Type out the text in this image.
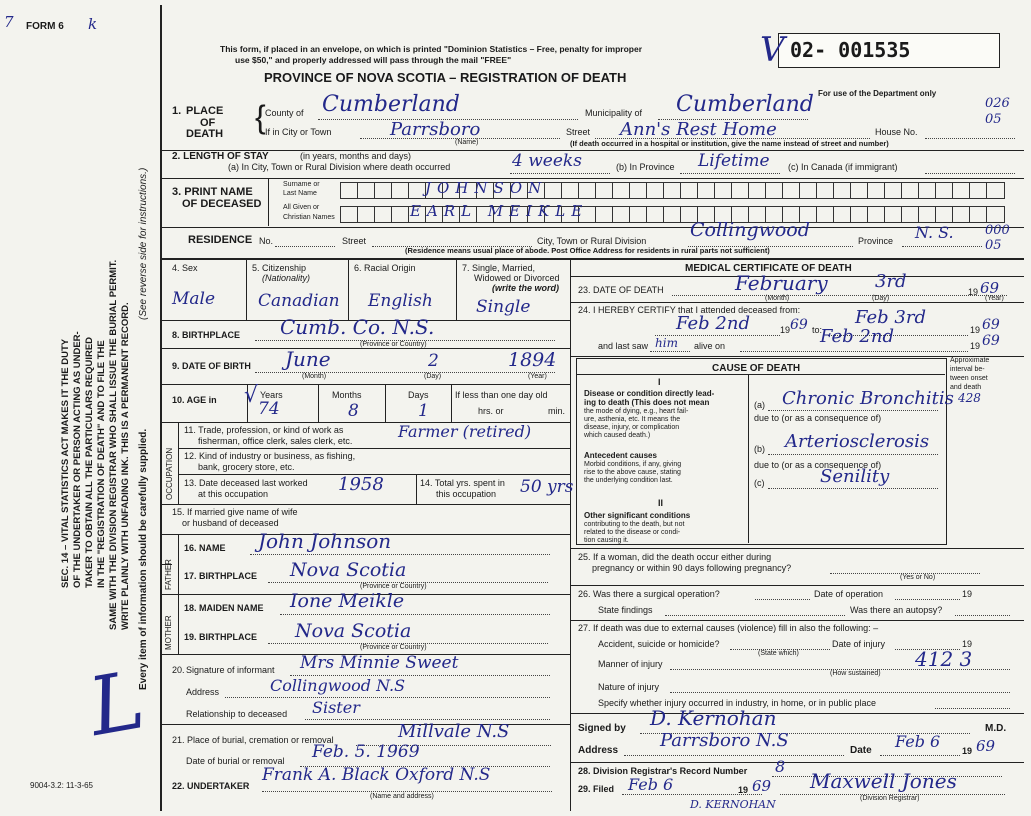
7 FORM 6 k
9004-3.2: 11-3-65
L
SEC. 14 – VITAL STATISTICS ACT MAKES IT THE DUTY OF THE UNDERTAKER OR PERSON ACTING AS UNDER- TAKER TO OBTAIN ALL THE PARTICULARS REQUIRED IN THE "REGISTRATION OF DEATH" AND TO FILE THE SAME WITH THE DIVISION REGISTRAR WHO SHALL ISSUE THE BURIAL PERMIT. WRITE PLAINLY WITH UNFADING INK. THIS IS A PERMANENT RECORD.
(See reverse side for instructions.)
Every item of information should be carefully supplied.
This form, if placed in an envelope, on which is printed "Dominion Statistics – Free, penalty for improper
use $50," and properly addressed will pass through the mail "FREE"
PROVINCE OF NOVA SCOTIA – REGISTRATION OF DEATH
V 02- 001535
For use of the Department only
026
1. PLACE
OF
DEATH { County of Cumberland	Municipality of Cumberland
If in City or Town	Parrsboro
(Name)
Street Ann's Rest Home	House No.
05
(If death occurred in a hospital or institution, give the name instead of street and number)
2. LENGTH OF STAY	(in years, months and days)
(a) In City, Town or Rural Division where death occurred	4 weeks	(b) In Province Lifetime (c) In Canada (if immigrant)
3. PRINT NAME
OF DECEASED
Surname or
Last Name	JOHNSON
All Given or
Christian Names	EARL MEIKLE
RESIDENCE No.	Street	City, Town or Rural Division Collingwood	Province N. S. 000
05
(Residence means usual place of abode. Post Office Address for residents in rural parts not sufficient)
4. Sex
Male
5. Citizenship
(Nationality)
Canadian
6. Racial Origin
English
7. Single, Married,
Widowed or Divorced
(write the word)
Single
8. BIRTHPLACE Cumb. Co. N.S.
(Province or Country)
9. DATE OF BIRTH June	2	1894
(Month)	(Day)	(Year)
10. AGE in √ Years
74
Months
8
Days
1
If less than one day old
hrs. or	min.
OCCUPATION
11. Trade, profession, or kind of work as
fisherman, office clerk, sales clerk, etc.	Farmer (retired)
12. Kind of industry or business, as fishing,
bank, grocery store, etc.
13. Date deceased last worked
at this occupation	1958	14. Total yrs. spent in
this occupation 50 yrs
15. If married give name of wife
or husband of deceased
FATHER
MOTHER
16. NAME John Johnson
17. BIRTHPLACE Nova Scotia
(Province or Country)
18. MAIDEN NAME Ione Meikle
19. BIRTHPLACE Nova Scotia
(Province or Country)
20. Signature of informant Mrs Minnie Sweet
Address	Collingwood N.S
Relationship to deceased Sister
21. Place of burial, cremation or removal	Millvale N.S
Date of burial or removal Feb. 5. 1969
22. UNDERTAKER
Frank A. Black Oxford N.S
(Name and address)
MEDICAL CERTIFICATE OF DEATH
23. DATE OF DEATH	February	3rd	19 69
(Month)	(Day)	(Year)
24. I HEREBY CERTIFY that I attended deceased from:
Feb 2nd	19 69 to:
Feb 3rd
19 69
and last saw him alive on	Feb 2nd	19 69
CAUSE OF DEATH
Approximate
interval be-
tween onset
and death
I
Disease or condition directly lead-
ing to death (This does not mean
the mode of dying, e.g., heart fail-
ure, asthenia, etc. It means the
disease, injury, or complication
which caused death.)
(a) Chronic Bronchitis 428
due to (or as a consequence of)
Antecedent causes
Morbid conditions, if any, giving
rise to the above cause, stating
the underlying condition last.
(b) Arteriosclerosis
due to (or as a consequence of)
(c)	Senility
II
Other significant conditions
contributing to the death, but not
related to the disease or condi-
tion causing it.
25. If a woman, did the death occur either during
pregnancy or within 90 days following pregnancy?
(Yes or No)
26. Was there a surgical operation?	Date of operation	19
State findings	Was there an autopsy?
27. If death was due to external causes (violence) fill in also the following: –
Accident, suicide or homicide?
(State which)
Date of injury	19
Manner of injury	412 3
(How sustained)
Nature of injury
Specify whether injury occurred in industry, in home, or in public place
Signed by D. Kernohan	M.D.
Address Parrsboro N.S	Date Feb 6 19 69
28. Division Registrar's Record Number 8
29. Filed Feb 6	19 69 Maxwell Jones
(Division Registrar)
D. KERNOHAN
